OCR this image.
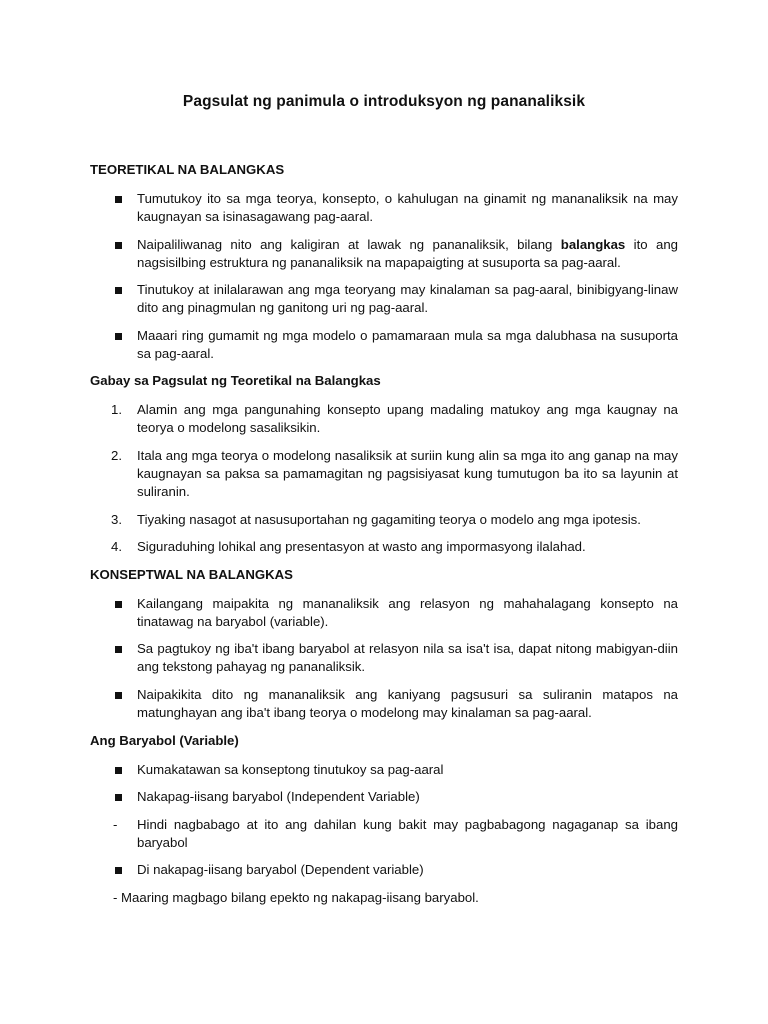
Pagsulat ng panimula o introduksyon ng pananaliksik
TEORETIKAL NA BALANGKAS
Tumutukoy ito sa mga teorya, konsepto, o kahulugan na ginamit ng mananaliksik na may kaugnayan sa isinasagawang pag-aaral.
Naipaliliwanag nito ang kaligiran at lawak ng pananaliksik, bilang balangkas ito ang nagsisilbing estruktura ng pananaliksik na mapapaigting at susuporta sa pag-aaral.
Tinutukoy at inilalarawan ang mga teoryang may kinalaman sa pag-aaral, binibigyang-linaw dito ang pinagmulan ng ganitong uri ng pag-aaral.
Maaari ring gumamit ng mga modelo o pamamaraan mula sa mga dalubhasa na susuporta sa pag-aaral.
Gabay sa Pagsulat ng Teoretikal na Balangkas
1.	Alamin ang mga pangunahing konsepto upang madaling matukoy ang mga kaugnay na teorya o modelong sasaliksikin.
2.	Itala ang mga teorya o modelong nasaliksik at suriin kung alin sa mga ito ang ganap na may kaugnayan sa paksa sa pamamagitan ng pagsisiyasat kung tumutugon ba ito sa layunin at suliranin.
3.	Tiyaking nasagot at nasusuportahan ng gagamiting teorya o modelo ang mga ipotesis.
4.	Siguraduhing lohikal ang presentasyon at wasto ang impormasyong ilalahad.
KONSEPTWAL NA BALANGKAS
Kailangang maipakita ng mananaliksik ang relasyon ng mahahalagang konsepto na tinatawag na baryabol (variable).
Sa pagtukoy ng iba't ibang baryabol at relasyon nila sa isa't isa, dapat nitong mabigyan-diin ang tekstong pahayag ng pananaliksik.
Naipakikita dito ng mananaliksik ang kaniyang pagsusuri sa suliranin matapos na matunghayan ang iba't ibang teorya o modelong may kinalaman sa pag-aaral.
Ang Baryabol (Variable)
Kumakatawan sa konseptong tinutukoy sa pag-aaral
Nakapag-iisang baryabol (Independent Variable)
-	Hindi nagbabago at ito ang dahilan kung bakit may pagbabagong nagaganap sa ibang baryabol
Di nakapag-iisang baryabol (Dependent variable)
- Maaring magbago bilang epekto ng nakapag-iisang baryabol.
